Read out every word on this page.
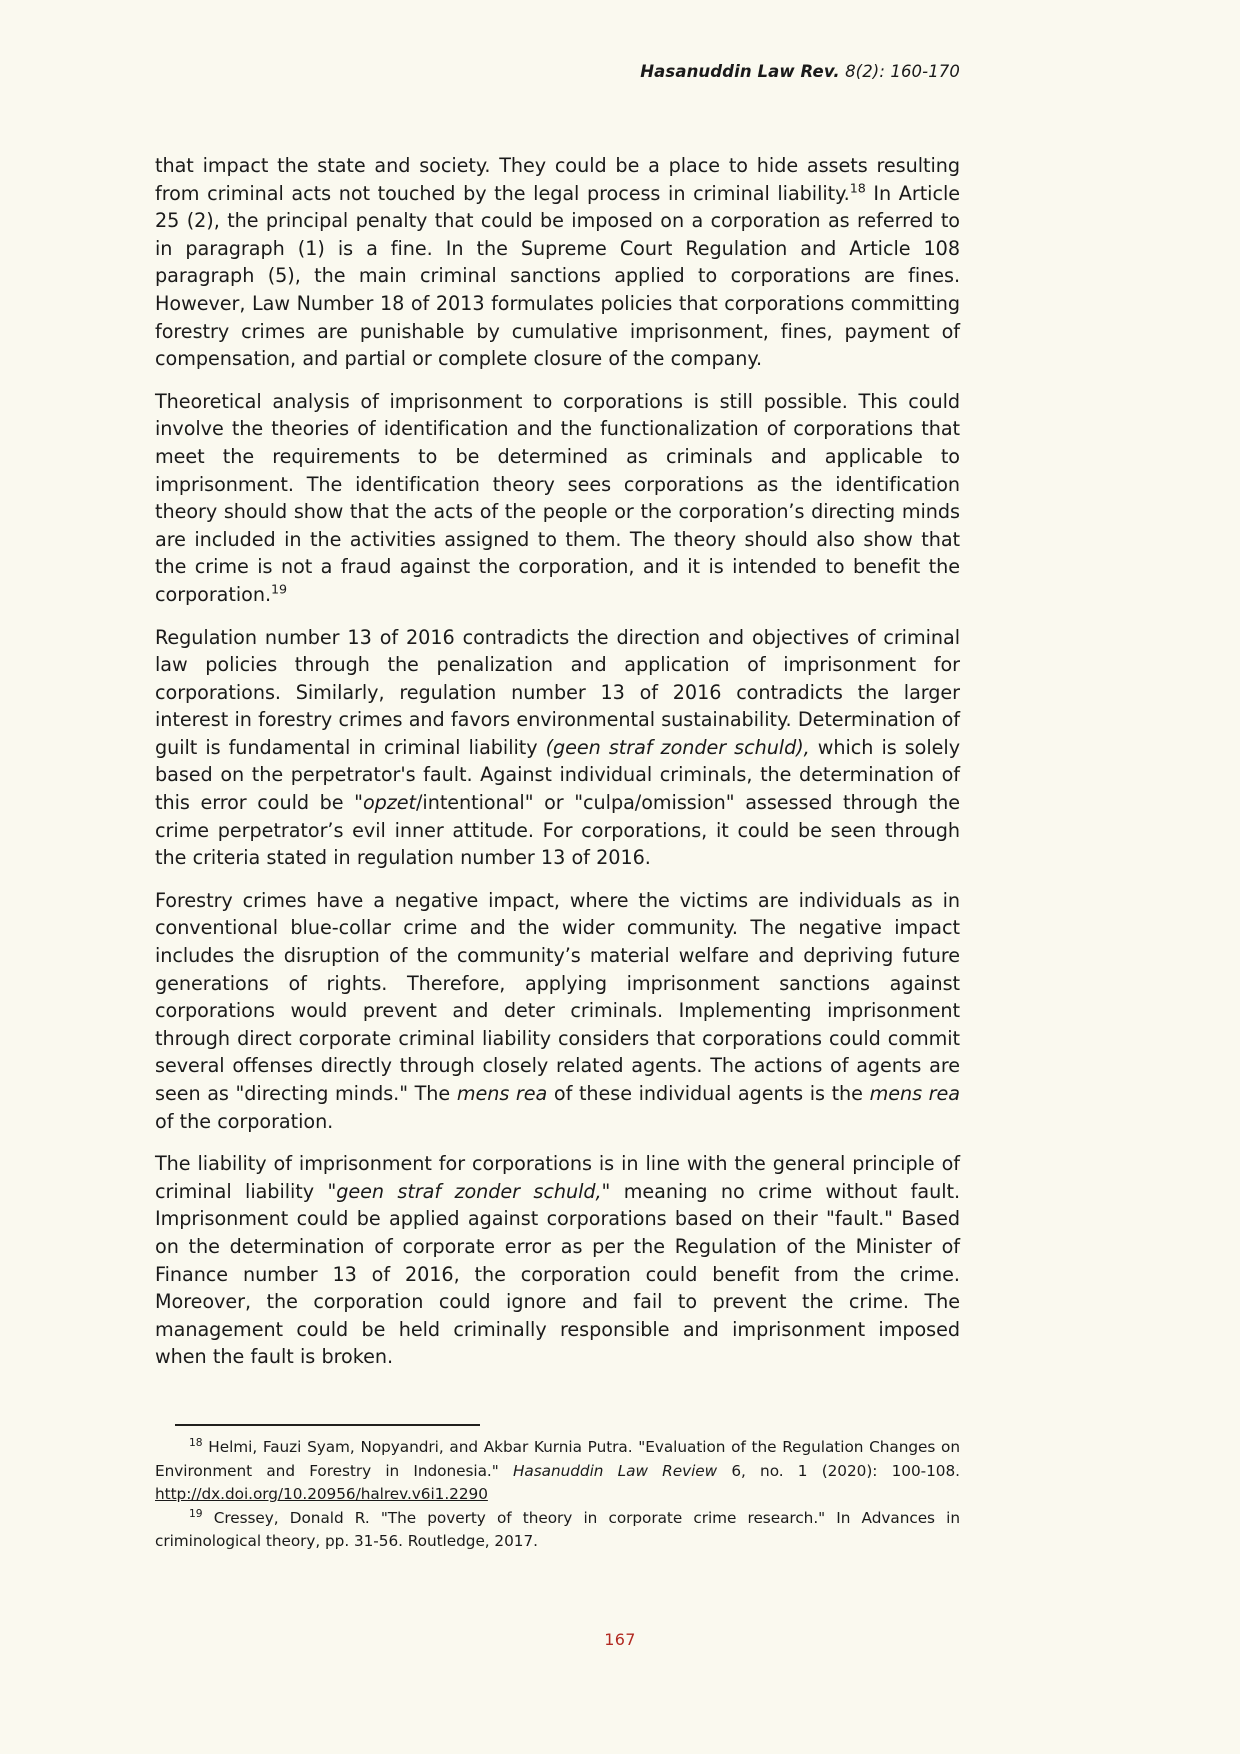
Hasanuddin Law Rev. 8(2): 160-170

that impact the state and society. They could be a place to hide assets resulting from criminal acts not touched by the legal process in criminal liability.$^{18}$ In Article 25 (2), the principal penalty that could be imposed on a corporation as referred to in paragraph (1) is a fine. In the Supreme Court Regulation and Article 108 paragraph (5), the main criminal sanctions applied to corporations are fines. However, Law Number 18 of 2013 formulates policies that corporations committing forestry crimes are punishable by cumulative imprisonment, fines, payment of compensation, and partial or complete closure of the company.

Theoretical analysis of imprisonment to corporations is still possible. This could involve the theories of identification and the functionalization of corporations that meet the requirements to be determined as criminals and applicable to imprisonment. The identification theory sees corporations as the identification theory should show that the acts of the people or the corporation’s directing minds are included in the activities assigned to them. The theory should also show that the crime is not a fraud against the corporation, and it is intended to benefit the corporation.$^{19}$

Regulation number 13 of 2016 contradicts the direction and objectives of criminal law policies through the penalization and application of imprisonment for corporations. Similarly, regulation number 13 of 2016 contradicts the larger interest in forestry crimes and favors environmental sustainability. Determination of guilt is fundamental in criminal liability (geen straf zonder schuld), which is solely based on the perpetrator's fault. Against individual criminals, the determination of this error could be "opzet/intentional" or "culpa/omission" assessed through the crime perpetrator’s evil inner attitude. For corporations, it could be seen through the criteria stated in regulation number 13 of 2016.

Forestry crimes have a negative impact, where the victims are individuals as in conventional blue-collar crime and the wider community. The negative impact includes the disruption of the community’s material welfare and depriving future generations of rights. Therefore, applying imprisonment sanctions against corporations would prevent and deter criminals. Implementing imprisonment through direct corporate criminal liability considers that corporations could commit several offenses directly through closely related agents. The actions of agents are seen as "directing minds." The mens rea of these individual agents is the mens rea of the corporation.

The liability of imprisonment for corporations is in line with the general principle of criminal liability "geen straf zonder schuld," meaning no crime without fault. Imprisonment could be applied against corporations based on their "fault." Based on the determination of corporate error as per the Regulation of the Minister of Finance number 13 of 2016, the corporation could benefit from the crime. Moreover, the corporation could ignore and fail to prevent the crime. The management could be held criminally responsible and imprisonment imposed when the fault is broken.

$^{18}$ Helmi, Fauzi Syam, Nopyandri, and Akbar Kurnia Putra. "Evaluation of the Regulation Changes on Environment and Forestry in Indonesia." Hasanuddin Law Review 6, no. 1 (2020): 100-108. http://dx.doi.org/10.20956/halrev.v6i1.2290

$^{19}$ Cressey, Donald R. "The poverty of theory in corporate crime research." In Advances in criminological theory, pp. 31-56. Routledge, 2017.

167
